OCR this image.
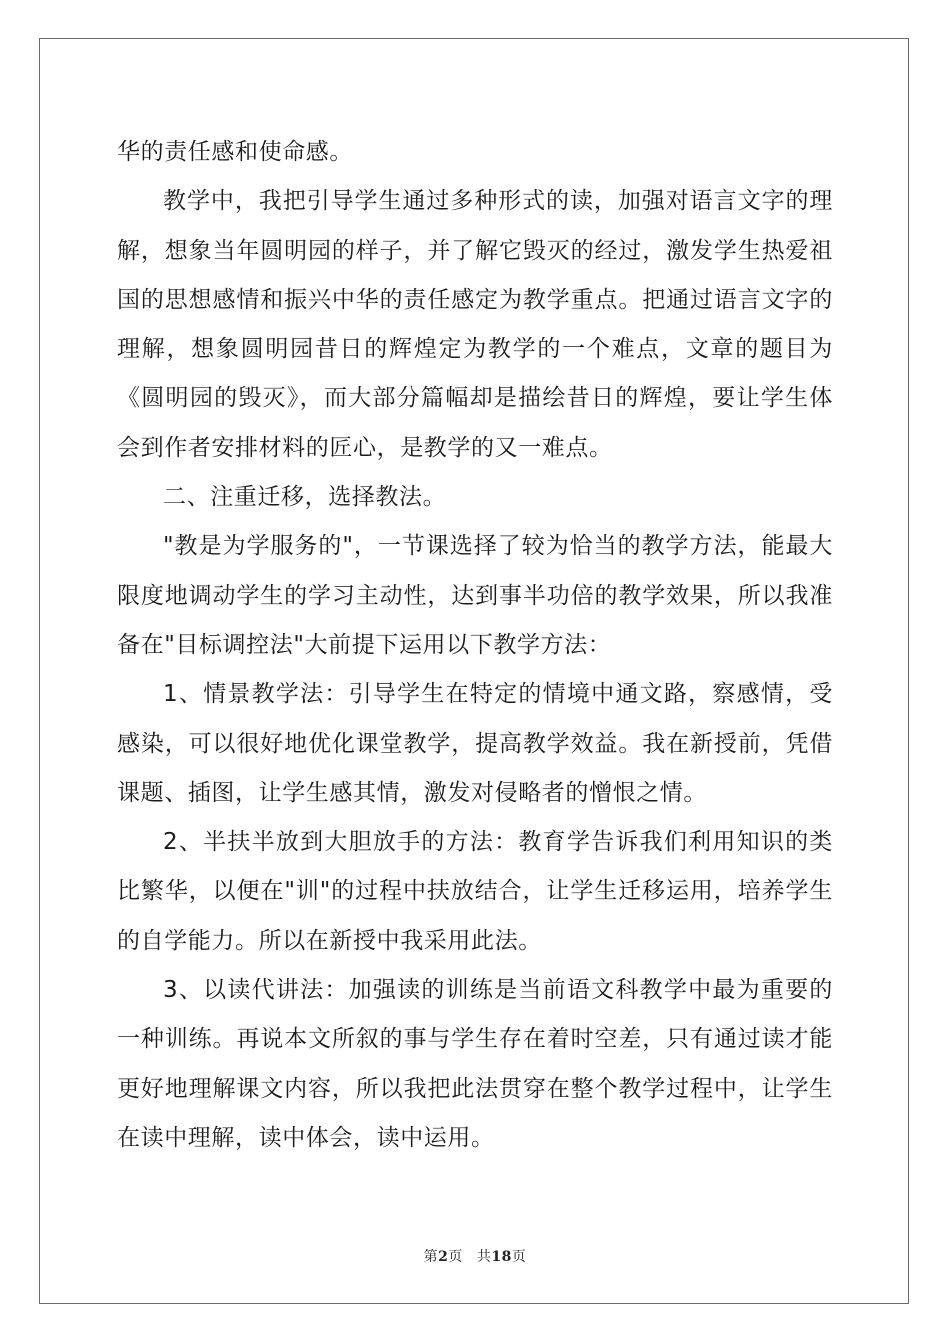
华的责任感和使命感。

教学中，我把引导学生通过多种形式的读，加强对语言文字的理解，想象当年圆明园的样子，并了解它毁灭的经过，激发学生热爱祖国的思想感情和振兴中华的责任感定为教学重点。把通过语言文字的理解，想象圆明园昔日的辉煌定为教学的一个难点，文章的题目为《圆明园的毁灭》，而大部分篇幅却是描绘昔日的辉煌，要让学生体会到作者安排材料的匠心，是教学的又一难点。

二、注重迁移，选择教法。

"教是为学服务的"，一节课选择了较为恰当的教学方法，能最大限度地调动学生的学习主动性，达到事半功倍的教学效果，所以我准备在"目标调控法"大前提下运用以下教学方法：

1、情景教学法：引导学生在特定的情境中通文路，察感情，受感染，可以很好地优化课堂教学，提高教学效益。我在新授前，凭借课题、插图，让学生感其情，激发对侵略者的憎恨之情。

2、半扶半放到大胆放手的方法：教育学告诉我们利用知识的类比繁华，以便在"训"的过程中扶放结合，让学生迁移运用，培养学生的自学能力。所以在新授中我采用此法。

3、以读代讲法：加强读的训练是当前语文科教学中最为重要的一种训练。再说本文所叙的事与学生存在着时空差，只有通过读才能更好地理解课文内容，所以我把此法贯穿在整个教学过程中，让学生在读中理解，读中体会，读中运用。

第2页 共18页
